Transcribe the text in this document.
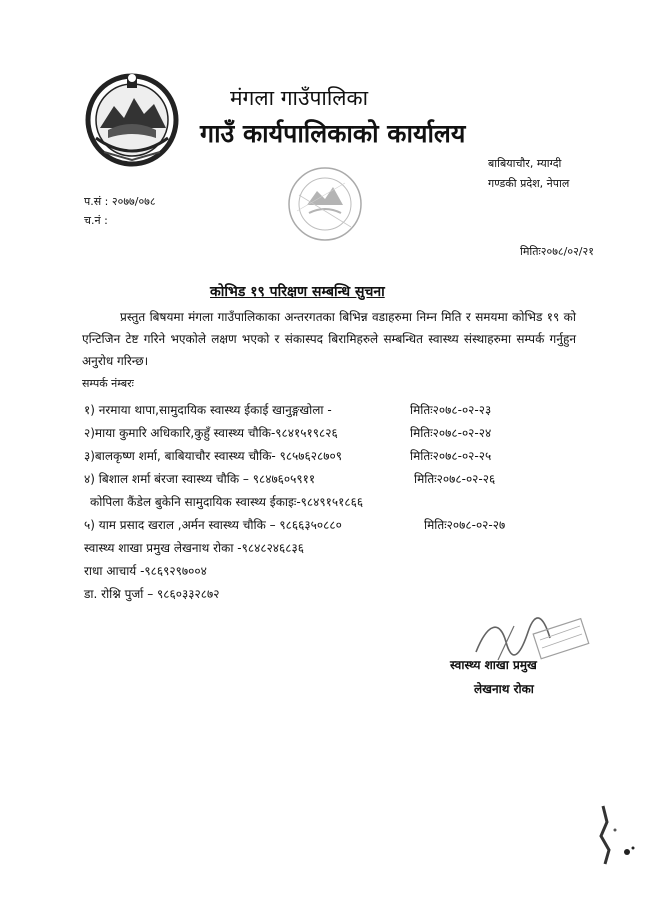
मंगला गाउँपालिका
गाउँ कार्यपालिकाको कार्यालय
बाबियाचौर, म्याग्दी
गण्डकी प्रदेश, नेपाल
प.सं : २०७७/०७८
च.नं :
मितिः२०७८/०२/२१
कोभिड १९ परिक्षण सम्बन्धि सुचना

प्रस्तुत बिषयमा मंगला गाउँपालिकाका अन्तरगतका बिभिन्न वडाहरुमा निम्न मिति र समयमा कोभिड १९ को एन्टिजिन टेष्ट गरिने भएकोले लक्षण भएको र संकास्पद बिरामिहरुले सम्बन्धित स्वास्थ्य संस्थाहरुमा सम्पर्क गर्नुहुन अनुरोध गरिन्छ।

सम्पर्क नंम्बरः
१) नरमाया थापा,सामुदायिक स्वास्थ्य ईकाई खानुङ्गखोला -	मितिः२०७८-०२-२३
२)माया कुमारि अधिकारि,कुहुँ स्वास्थ्य चौकि-९८४१५१९८२६	मितिः२०७८-०२-२४
३)बालकृष्ण शर्मा, बाबियाचौर स्वास्थ्य चौकि- ९८५७६२८७०९	मितिः२०७८-०२-२५
४) बिशाल शर्मा बंरजा स्वास्थ्य चौकि – ९८४७६०५९११	मितिः२०७८-०२-२६
कोपिला कैंडेल बुकेनि सामुदायिक स्वास्थ्य ईकाइः-९८४९१५१८६६
५) याम प्रसाद खराल ,अर्मन स्वास्थ्य चौकि – ९८६६३५०८८०	मितिः२०७८-०२-२७
स्वास्थ्य शाखा प्रमुख लेखनाथ रोका -९८४८२४६८३६
राधा आचार्य -९८६९२९७००४
डा. रोश्नि पुर्जा – ९८६०३३२८७२
स्वास्थ्य शाखा प्रमुख
लेखनाथ रोका
